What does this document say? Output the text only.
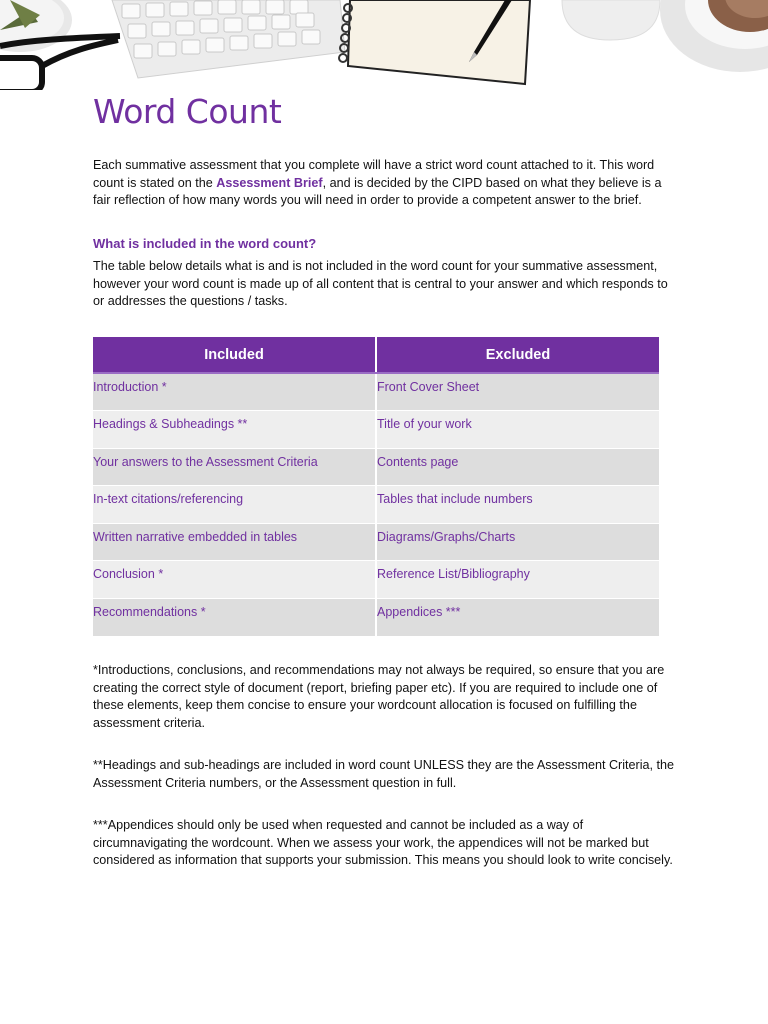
Word Count

Each summative assessment that you complete will have a strict word count attached to it. This word count is stated on the Assessment Brief, and is decided by the CIPD based on what they believe is a fair reflection of how many words you will need in order to provide a competent answer to the brief.

What is included in the word count?

The table below details what is and is not included in the word count for your summative assessment, however your word count is made up of all content that is central to your answer and which responds to or addresses the questions / tasks.

Included	Excluded
Introduction *	Front Cover Sheet
Headings & Subheadings **	Title of your work
Your answers to the Assessment Criteria	Contents page
In-text citations/referencing	Tables that include numbers
Written narrative embedded in tables	Diagrams/Graphs/Charts
Conclusion *	Reference List/Bibliography
Recommendations *	Appendices ***

*Introductions, conclusions, and recommendations may not always be required, so ensure that you are creating the correct style of document (report, briefing paper etc). If you are required to include one of these elements, keep them concise to ensure your wordcount allocation is focused on fulfilling the assessment criteria.

**Headings and sub-headings are included in word count UNLESS they are the Assessment Criteria, the Assessment Criteria numbers, or the Assessment question in full.

***Appendices should only be used when requested and cannot be included as a way of circumnavigating the wordcount. When we assess your work, the appendices will not be marked but considered as information that supports your submission. This means you should look to write concisely.
